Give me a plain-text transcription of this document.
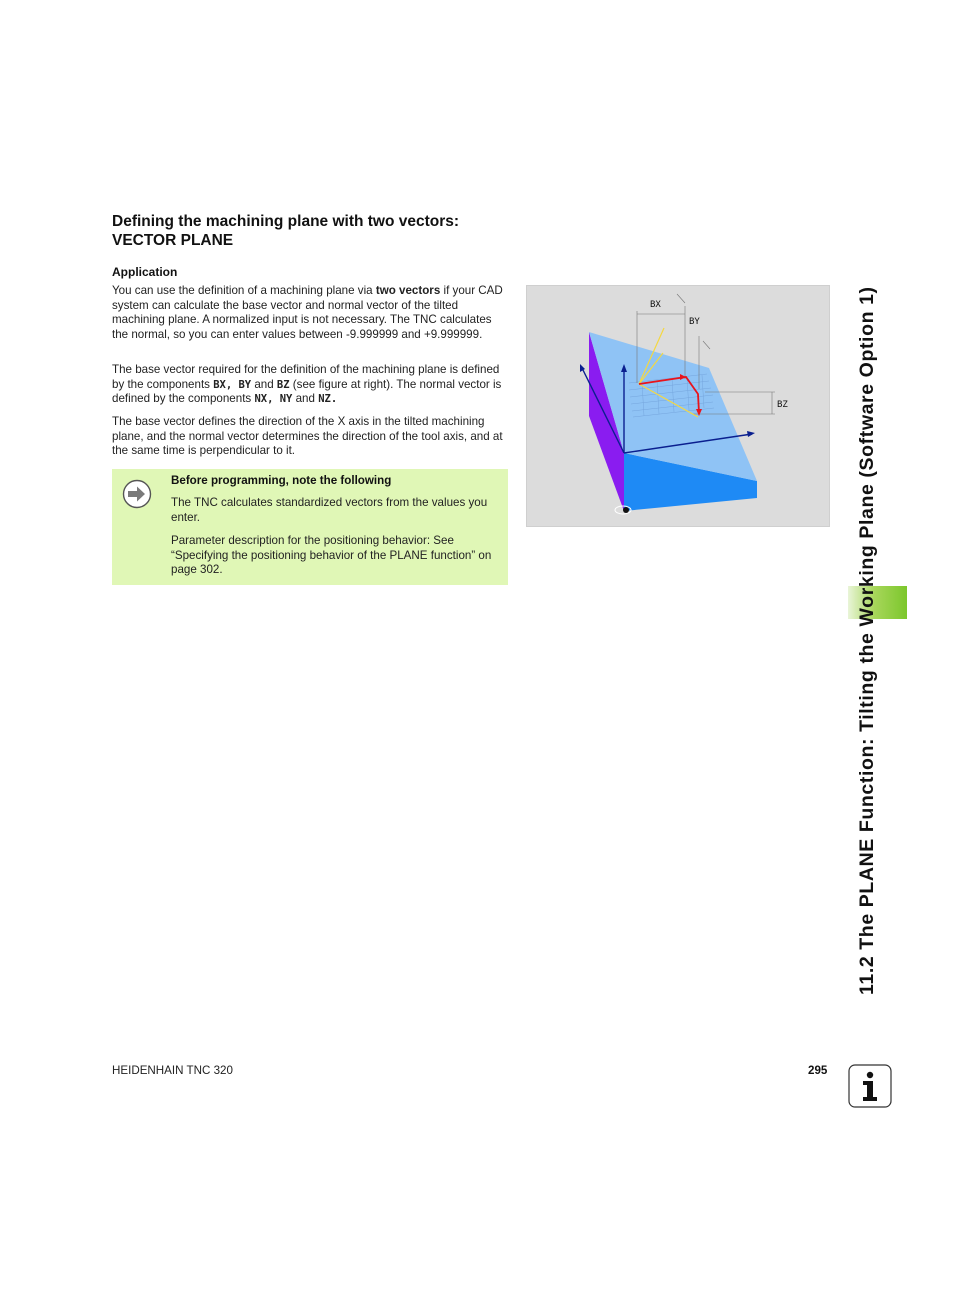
Defining the machining plane with two vectors:
VECTOR PLANE
Application
You can use the definition of a machining plane via two vectors if your CAD system can calculate the base vector and normal vector of the tilted machining plane. A normalized input is not necessary. The TNC calculates the normal, so you can enter values between -9.999999 and +9.999999.
The base vector required for the definition of the machining plane is defined by the components BX, BY and BZ (see figure at right). The normal vector is defined by the components NX, NY and NZ.
The base vector defines the direction of the X axis in the tilted machining plane, and the normal vector determines the direction of the tool axis, and at the same time is perpendicular to it.
Before programming, note the following
The TNC calculates standardized vectors from the values you enter.
Parameter description for the positioning behavior: See “Specifying the positioning behavior of the PLANE function” on page 302.
BX
BY
BZ	11.2 The PLANE Function: Tilting the Working Plane (Software Option 1)
HEIDENHAIN TNC 320	295
